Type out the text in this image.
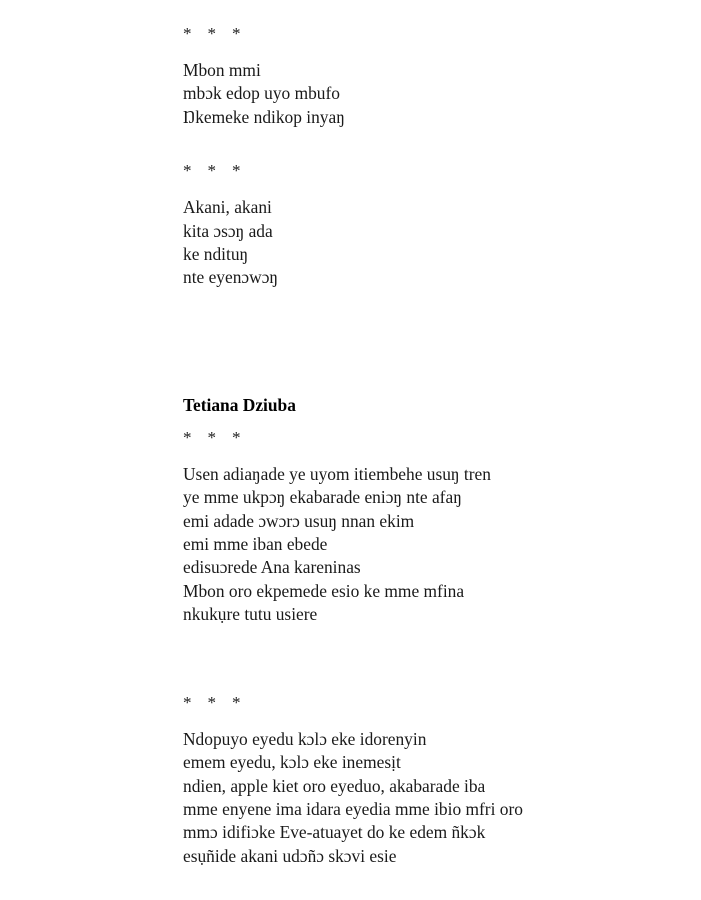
*  *  *
Mbon mmi
mbɔk edop uyo mbufo
Ŋkemeke ndikop inyaŋ
*  *  *
Akani, akani
kita ɔsɔŋ ada
ke ndituŋ
nte eyenɔwɔŋ
Tetiana Dziuba
*  *  *
Usen adiaŋade ye uyom itiembehe usuŋ tren
ye mme ukpɔŋ ekabarade eniɔŋ nte afaŋ
emi adade ɔwɔrɔ usuŋ nnan ekim
emi mme iban ebede
edisuɔrede Ana kareninas
Mbon oro ekpemede esio ke mme mfina
nkukụre tutu usiere
*  *  *
Ndopuyo eyedu kɔlɔ eke idorenyin
emem eyedu, kɔlɔ eke inemesịt
ndien, apple kiet oro eyeduo, akabarade iba
mme enyene ima idara eyedia mme ibio mfri oro
mmɔ idifiɔke Eve-atuayet do ke edem ñkɔk
esụñide akani udɔñɔ skɔvi esie
